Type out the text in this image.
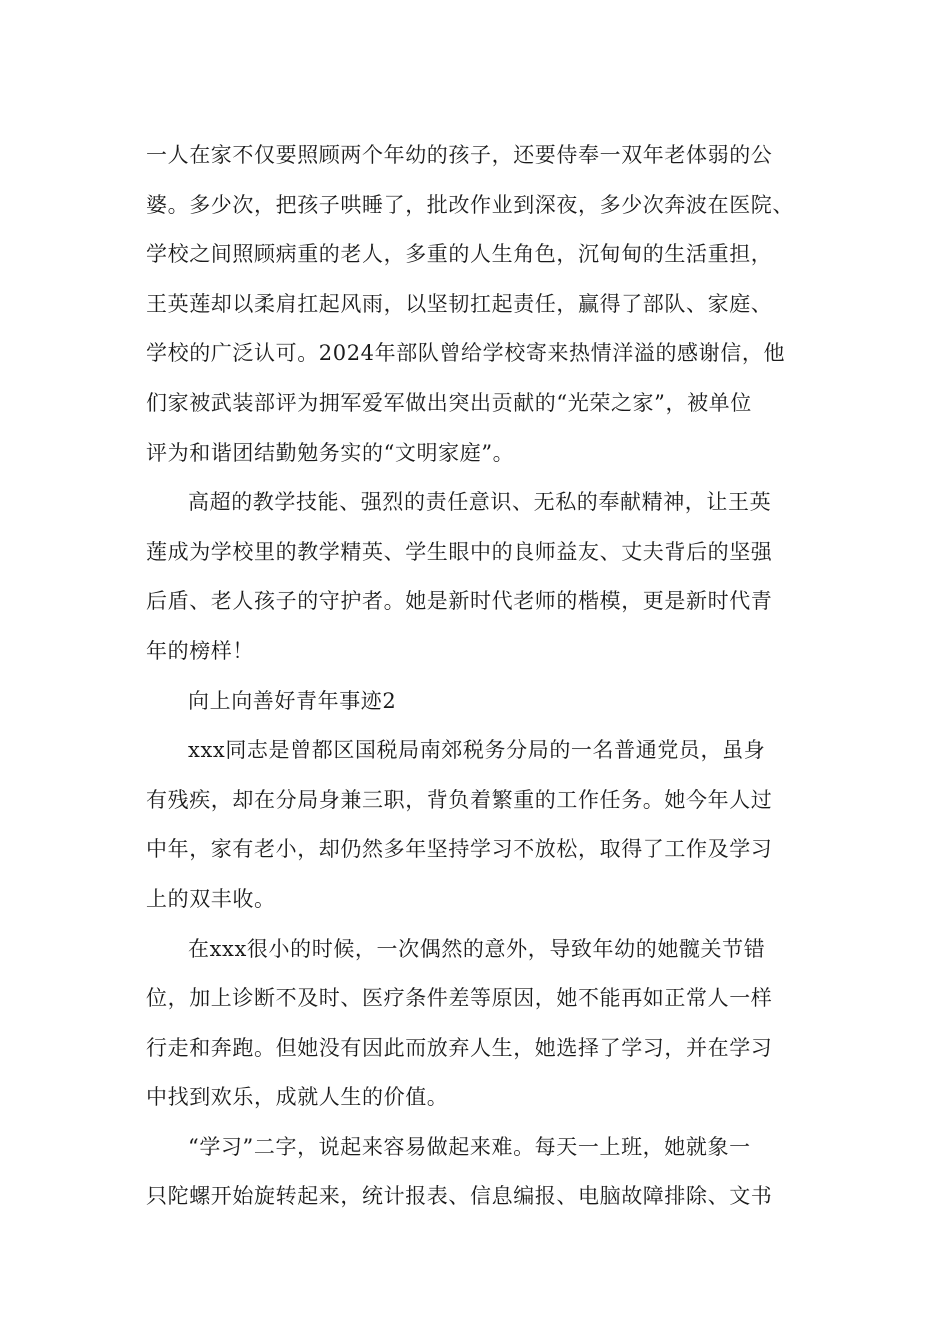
一人在家不仅要照顾两个年幼的孩子，还要侍奉一双年老体弱的公
婆。多少次，把孩子哄睡了，批改作业到深夜，多少次奔波在医院、
学校之间照顾病重的老人，多重的人生角色，沉甸甸的生活重担，
王英莲却以柔肩扛起风雨，以坚韧扛起责任，赢得了部队、家庭、
学校的广泛认可。2024年部队曾给学校寄来热情洋溢的感谢信，他
们家被武装部评为拥军爱军做出突出贡献的“光荣之家”，被单位
评为和谐团结勤勉务实的“文明家庭”。
高超的教学技能、强烈的责任意识、无私的奉献精神，让王英
莲成为学校里的教学精英、学生眼中的良师益友、丈夫背后的坚强
后盾、老人孩子的守护者。她是新时代老师的楷模，更是新时代青
年的榜样！
向上向善好青年事迹2
xxx同志是曾都区国税局南郊税务分局的一名普通党员，虽身
有残疾，却在分局身兼三职，背负着繁重的工作任务。她今年人过
中年，家有老小，却仍然多年坚持学习不放松，取得了工作及学习
上的双丰收。
在xxx很小的时候，一次偶然的意外，导致年幼的她髋关节错
位，加上诊断不及时、医疗条件差等原因，她不能再如正常人一样
行走和奔跑。但她没有因此而放弃人生，她选择了学习，并在学习
中找到欢乐，成就人生的价值。
“学习”二字，说起来容易做起来难。每天一上班，她就象一
只陀螺开始旋转起来，统计报表、信息编报、电脑故障排除、文书
